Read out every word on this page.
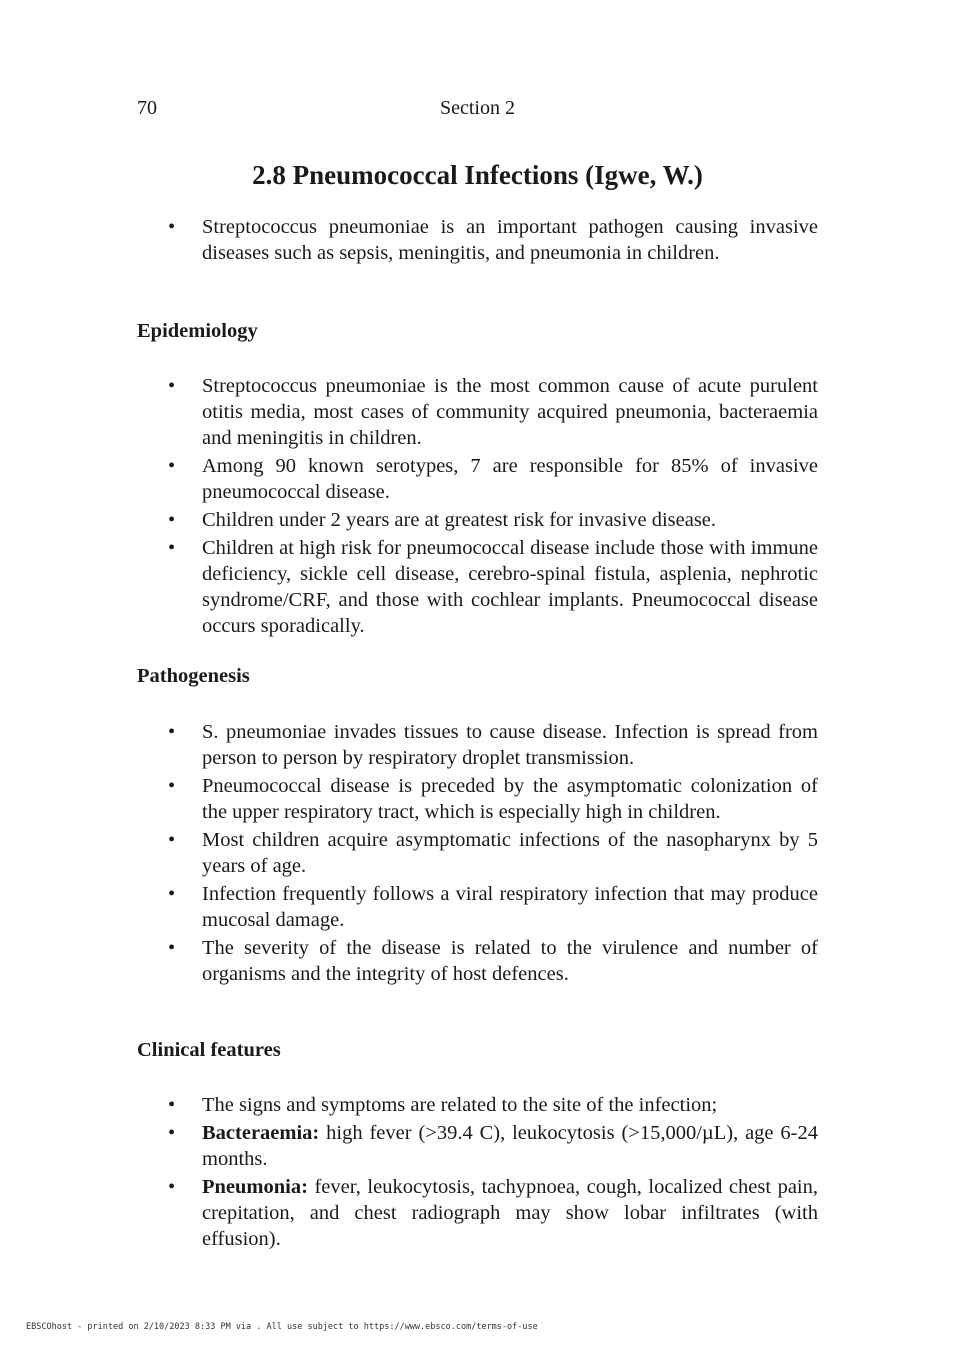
70	Section 2
2.8 Pneumococcal Infections (Igwe, W.)
• Streptococcus pneumoniae is an important pathogen causing invasive diseases such as sepsis, meningitis, and pneumonia in children.
Epidemiology
• Streptococcus pneumoniae is the most common cause of acute purulent otitis media, most cases of community acquired pneumonia, bacteraemia and meningitis in children.
• Among 90 known serotypes, 7 are responsible for 85% of invasive pneumococcal disease.
• Children under 2 years are at greatest risk for invasive disease.
• Children at high risk for pneumococcal disease include those with immune deficiency, sickle cell disease, cerebro-spinal fistula, asplenia, nephrotic syndrome/CRF, and those with cochlear implants. Pneumococcal disease occurs sporadically.
Pathogenesis
• S. pneumoniae invades tissues to cause disease. Infection is spread from person to person by respiratory droplet transmission.
• Pneumococcal disease is preceded by the asymptomatic colonization of the upper respiratory tract, which is especially high in children.
• Most children acquire asymptomatic infections of the nasopharynx by 5 years of age.
• Infection frequently follows a viral respiratory infection that may produce mucosal damage.
• The severity of the disease is related to the virulence and number of organisms and the integrity of host defences.
Clinical features
• The signs and symptoms are related to the site of the infection;
• Bacteraemia: high fever (>39.4 C), leukocytosis (>15,000/µL), age 6-24 months.
• Pneumonia: fever, leukocytosis, tachypnoea, cough, localized chest pain, crepitation, and chest radiograph may show lobar infiltrates (with effusion).
EBSCOhost - printed on 2/10/2023 8:33 PM via . All use subject to https://www.ebsco.com/terms-of-use
